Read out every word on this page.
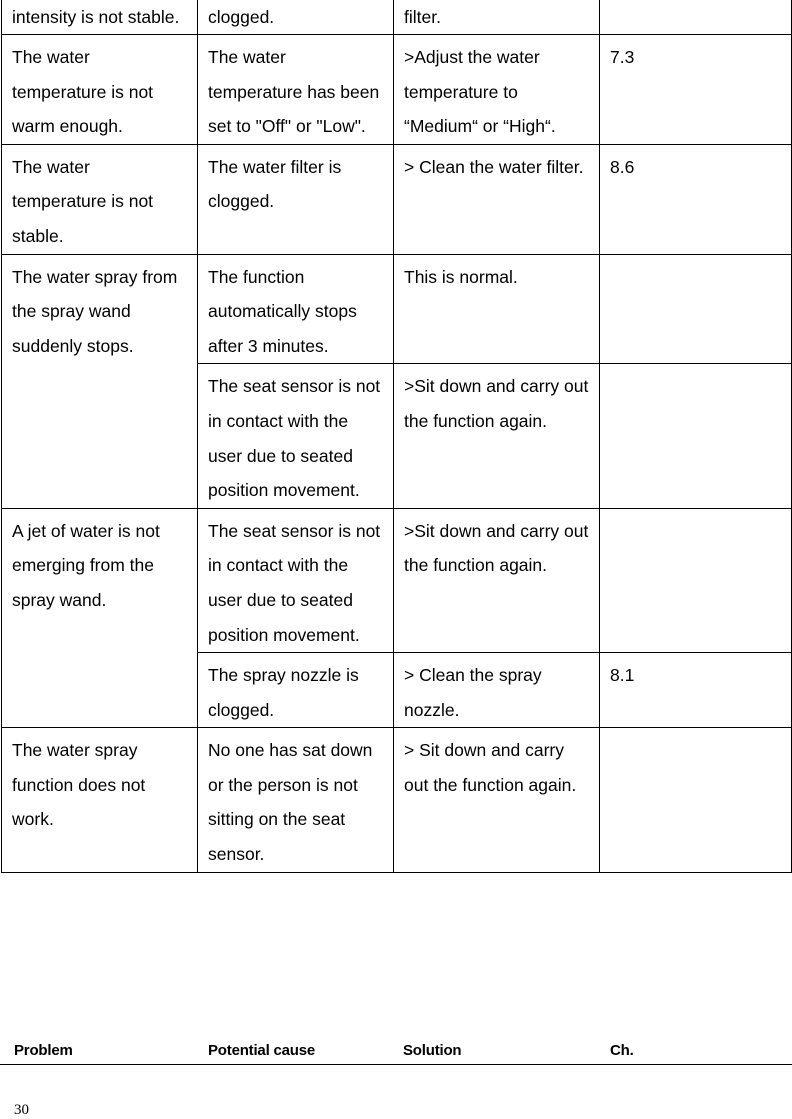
intensity is not stable.	clogged.	filter.	
The water temperature is not warm enough.	The water temperature has been set to "Off" or "Low".	>Adjust the water temperature to “Medium“ or “High“.	7.3
The water temperature is not stable.	The water filter is clogged.	> Clean the water filter.	8.6
The water spray from the spray wand suddenly stops.	The function automatically stops after 3 minutes.	This is normal.	
	The seat sensor is not in contact with the user due to seated position movement.	>Sit down and carry out the function again.	
A jet of water is not emerging from the spray wand.	The seat sensor is not in contact with the user due to seated position movement.	>Sit down and carry out the function again.	
	The spray nozzle is clogged.	> Clean the spray nozzle.	8.1
The water spray function does not work.	No one has sat down or the person is not sitting on the seat sensor.	> Sit down and carry out the function again.	
Problem	Potential cause	Solution	Ch.
30
